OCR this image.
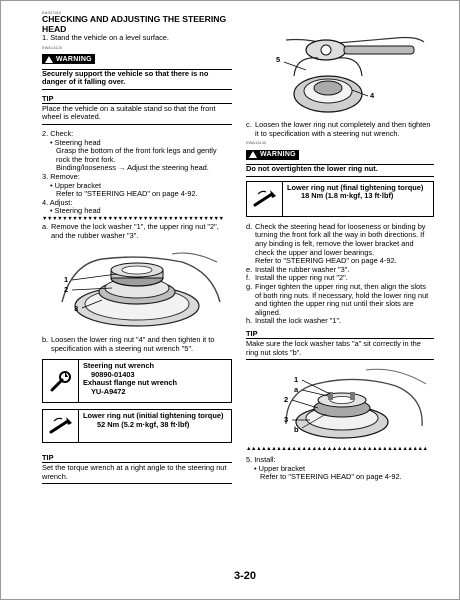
EAS27410
CHECKING AND ADJUSTING THE STEERING HEAD
1. Stand the vehicle on a level surface.
EWA13120
WARNING
Securely support the vehicle so that there is no danger of it falling over.
TIP
Place the vehicle on a suitable stand so that the front wheel is elevated.
2. Check:
• Steering head
Grasp the bottom of the front fork legs and gently rock the front fork.
Binding/looseness → Adjust the steering head.
3. Remove:
• Upper bracket
Refer to "STEERING HEAD" on page 4-92.
4. Adjust:
• Steering head
▼▼▼▼▼▼▼▼▼▼▼▼▼▼▼▼▼▼▼▼▼▼▼▼▼▼▼▼▼▼▼▼▼▼▼▼
a. Remove the lock washer "1", the upper ring nut "2", and the rubber washer "3".
1
2
3
b. Loosen the lower ring nut "4" and then tighten it to specification with a steering nut wrench "5".
Steering nut wrench
90890-01403
Exhaust flange nut wrench
YU-A9472
Lower ring nut (initial tightening torque)
52 Nm (5.2 m·kgf, 38 ft·lbf)
TIP
Set the torque wrench at a right angle to the steering nut wrench.
5
4
c. Loosen the lower ring nut completely and then tighten it to specification with a steering nut wrench.
EWA13140
WARNING
Do not overtighten the lower ring nut.
Lower ring nut (final tightening torque)
18 Nm (1.8 m·kgf, 13 ft·lbf)
d. Check the steering head for looseness or binding by turning the front fork all the way in both directions. If any binding is felt, remove the lower bracket and check the upper and lower bearings.
Refer to "STEERING HEAD" on page 4-92.
e. Install the rubber washer "3".
f. Install the upper ring nut "2".
g. Finger tighten the upper ring nut, then align the slots of both ring nuts. If necessary, hold the lower ring nut and tighten the upper ring nut until their slots are aligned.
h. Install the lock washer "1".
TIP
Make sure the lock washer tabs "a" sit correctly in the ring nut slots "b".
1
a
2
3
b
▲▲▲▲▲▲▲▲▲▲▲▲▲▲▲▲▲▲▲▲▲▲▲▲▲▲▲▲▲▲▲▲▲▲▲▲
5. Install:
• Upper bracket
Refer to "STEERING HEAD" on page 4-92.
3-20
